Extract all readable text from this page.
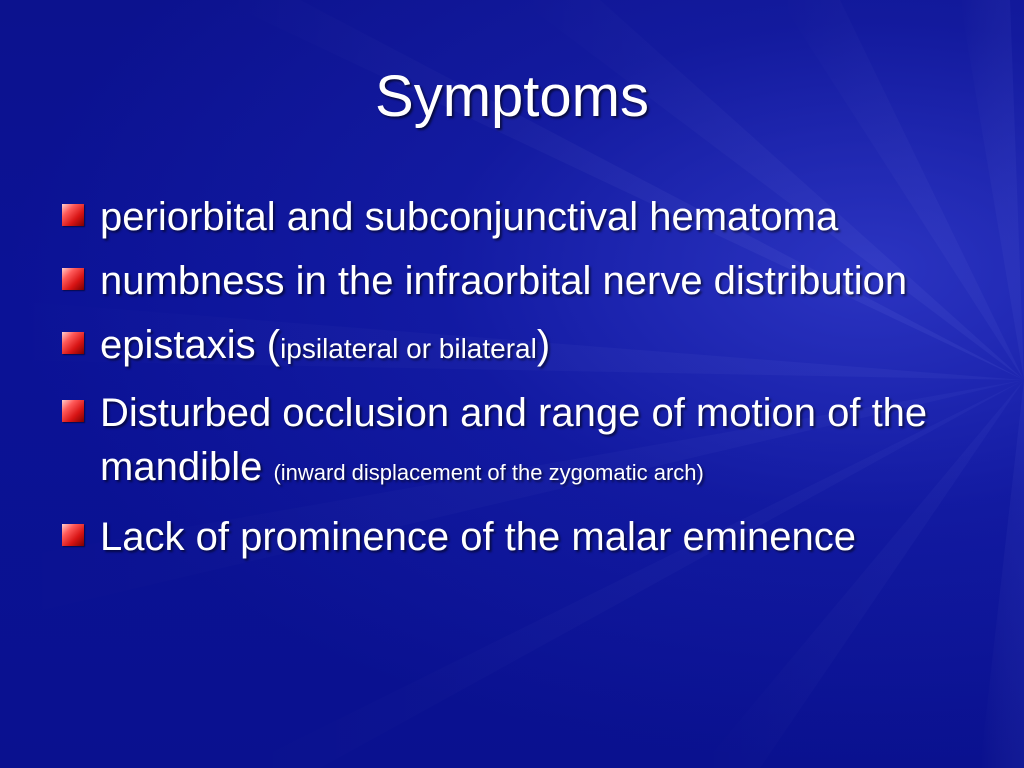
Symptoms
periorbital and subconjunctival hematoma
numbness in the infraorbital nerve distribution
epistaxis (ipsilateral or bilateral)
Disturbed occlusion and range of motion of the mandible (inward displacement of the zygomatic arch)
Lack of prominence of the malar eminence
